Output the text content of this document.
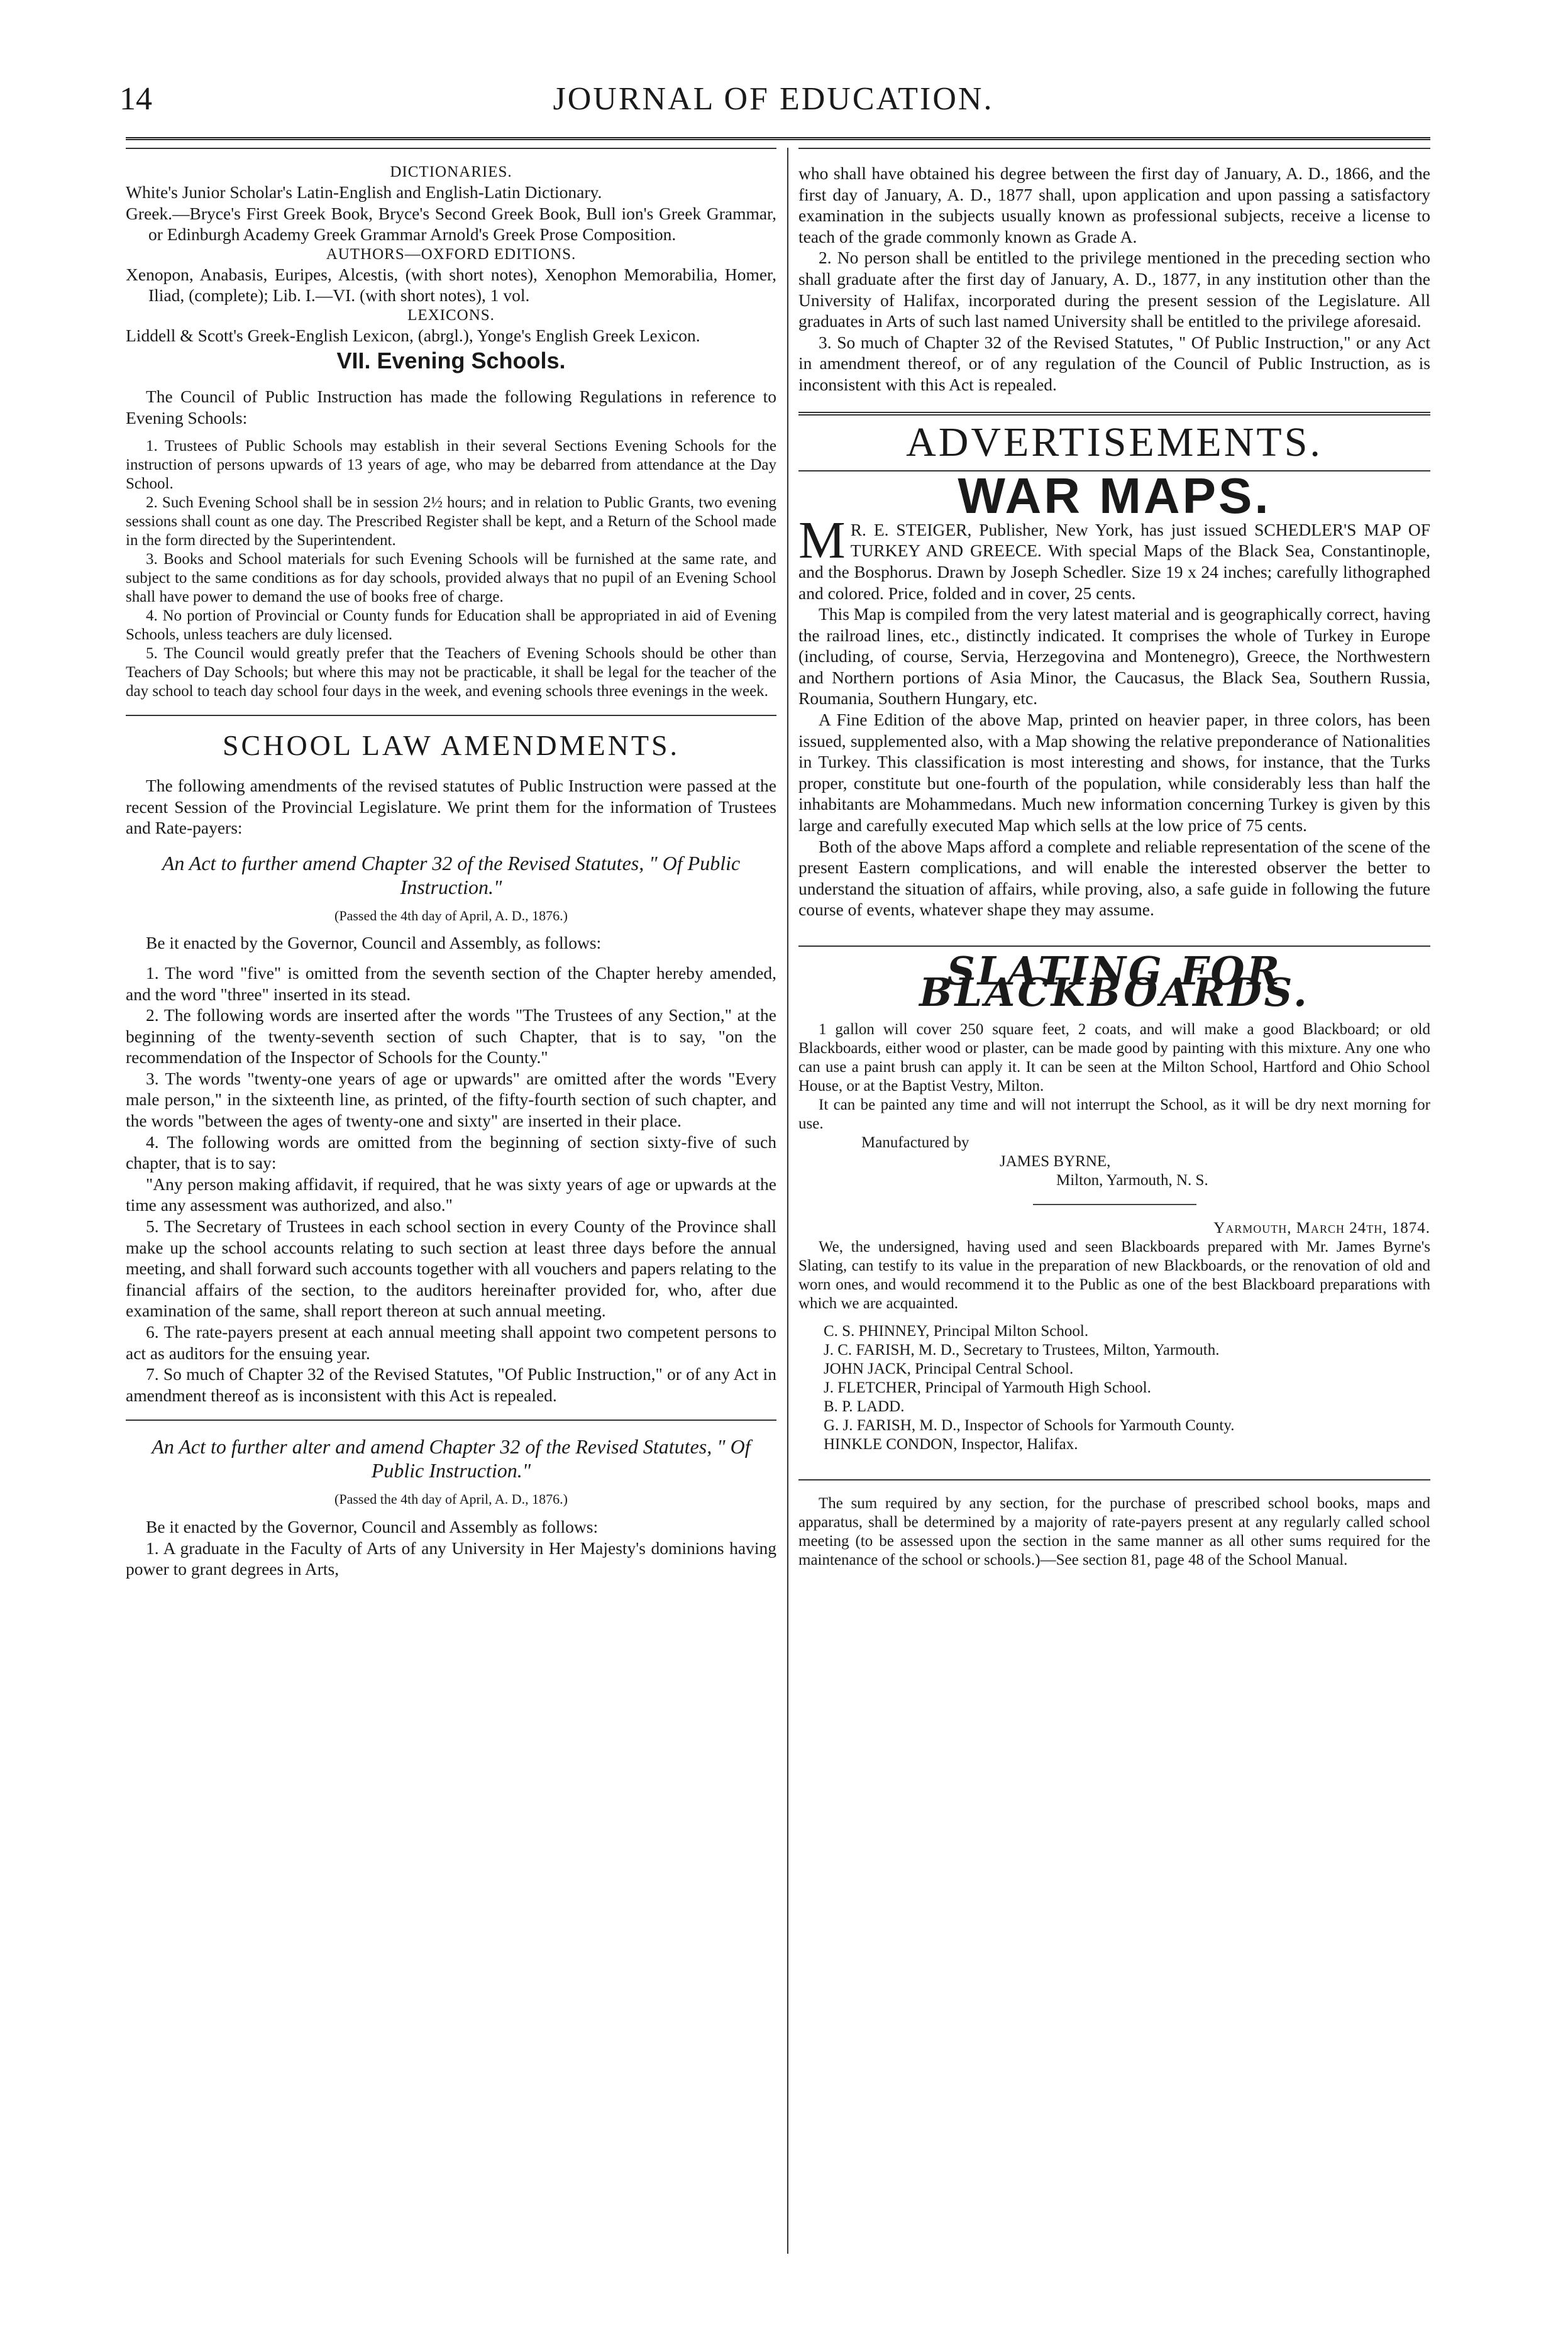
14	JOURNAL OF EDUCATION.

DICTIONARIES.

White's Junior Scholar's Latin-English and English-Latin Dictionary.

Greek.—Bryce's First Greek Book, Bryce's Second Greek Book, Bull ion's Greek Grammar, or Edinburgh Academy Greek Grammar Arnold's Greek Prose Composition.

AUTHORS—OXFORD EDITIONS.

Xenopon, Anabasis, Euripes, Alcestis, (with short notes), Xenophon Memorabilia, Homer, Iliad, (complete); Lib. I.—VI. (with short notes), 1 vol.

LEXICONS.

Liddell & Scott's Greek-English Lexicon, (abrgl.), Yonge's English Greek Lexicon.

VII. Evening Schools.

The Council of Public Instruction has made the following Regulations in reference to Evening Schools:

1. Trustees of Public Schools may establish in their several Sections Evening Schools for the instruction of persons upwards of 13 years of age, who may be debarred from attendance at the Day School.

2. Such Evening School shall be in session 2½ hours; and in relation to Public Grants, two evening sessions shall count as one day. The Prescribed Register shall be kept, and a Return of the School made in the form directed by the Superintendent.

3. Books and School materials for such Evening Schools will be furnished at the same rate, and subject to the same conditions as for day schools, provided always that no pupil of an Evening School shall have power to demand the use of books free of charge.

4. No portion of Provincial or County funds for Education shall be appropriated in aid of Evening Schools, unless teachers are duly licensed.

5. The Council would greatly prefer that the Teachers of Evening Schools should be other than Teachers of Day Schools; but where this may not be practicable, it shall be legal for the teacher of the day school to teach day school four days in the week, and evening schools three evenings in the week.

SCHOOL LAW AMENDMENTS.

The following amendments of the revised statutes of Public Instruction were passed at the recent Session of the Provincial Legislature. We print them for the information of Trustees and Rate-payers:

An Act to further amend Chapter 32 of the Revised Statutes, " Of Public Instruction."
(Passed the 4th day of April, A. D., 1876.)

Be it enacted by the Governor, Council and Assembly, as follows:

1. The word "five" is omitted from the seventh section of the Chapter hereby amended, and the word "three" inserted in its stead.

2. The following words are inserted after the words "The Trustees of any Section," at the beginning of the twenty-seventh section of such Chapter, that is to say, "on the recommendation of the Inspector of Schools for the County."

3. The words "twenty-one years of age or upwards" are omitted after the words "Every male person," in the sixteenth line, as printed, of the fifty-fourth section of such chapter, and the words "between the ages of twenty-one and sixty" are inserted in their place.

4. The following words are omitted from the beginning of section sixty-five of such chapter, that is to say:

"Any person making affidavit, if required, that he was sixty years of age or upwards at the time any assessment was authorized, and also."

5. The Secretary of Trustees in each school section in every County of the Province shall make up the school accounts relating to such section at least three days before the annual meeting, and shall forward such accounts together with all vouchers and papers relating to the financial affairs of the section, to the auditors hereinafter provided for, who, after due examination of the same, shall report thereon at such annual meeting.

6. The rate-payers present at each annual meeting shall appoint two competent persons to act as auditors for the ensuing year.

7. So much of Chapter 32 of the Revised Statutes, "Of Public Instruction," or of any Act in amendment thereof as is inconsistent with this Act is repealed.

An Act to further alter and amend Chapter 32 of the Revised Statutes, " Of Public Instruction."
(Passed the 4th day of April, A. D., 1876.)

Be it enacted by the Governor, Council and Assembly as follows:

1. A graduate in the Faculty of Arts of any University in Her Majesty's dominions having power to grant degrees in Arts,

who shall have obtained his degree between the first day of January, A. D., 1866, and the first day of January, A. D., 1877 shall, upon application and upon passing a satisfactory examination in the subjects usually known as professional subjects, receive a license to teach of the grade commonly known as Grade A.

2. No person shall be entitled to the privilege mentioned in the preceding section who shall graduate after the first day of January, A. D., 1877, in any institution other than the University of Halifax, incorporated during the present session of the Legislature. All graduates in Arts of such last named University shall be entitled to the privilege aforesaid.

3. So much of Chapter 32 of the Revised Statutes, " Of Public Instruction," or any Act in amendment thereof, or of any regulation of the Council of Public Instruction, as is inconsistent with this Act is repealed.

ADVERTISEMENTS.
WAR MAPS.

M R. E. STEIGER, Publisher, New York, has just issued SCHEDLER'S MAP OF TURKEY AND GREECE. With special Maps of the Black Sea, Constantinople, and the Bosphorus. Drawn by Joseph Schedler. Size 19 x 24 inches; carefully lithographed and colored. Price, folded and in cover, 25 cents.

This Map is compiled from the very latest material and is geographically correct, having the railroad lines, etc., distinctly indicated. It comprises the whole of Turkey in Europe (including, of course, Servia, Herzegovina and Montenegro), Greece, the Northwestern and Northern portions of Asia Minor, the Caucasus, the Black Sea, Southern Russia, Roumania, Southern Hungary, etc.

A Fine Edition of the above Map, printed on heavier paper, in three colors, has been issued, supplemented also, with a Map showing the relative preponderance of Nationalities in Turkey. This classification is most interesting and shows, for instance, that the Turks proper, constitute but one-fourth of the population, while considerably less than half the inhabitants are Mohammedans. Much new information concerning Turkey is given by this large and carefully executed Map which sells at the low price of 75 cents.

Both of the above Maps afford a complete and reliable representation of the scene of the present Eastern complications, and will enable the interested observer the better to understand the situation of affairs, while proving, also, a safe guide in following the future course of events, whatever shape they may assume.

SLATING FOR BLACKBOARDS.

1 gallon will cover 250 square feet, 2 coats, and will make a good Blackboard; or old Blackboards, either wood or plaster, can be made good by painting with this mixture. Any one who can use a paint brush can apply it. It can be seen at the Milton School, Hartford and Ohio School House, or at the Baptist Vestry, Milton.

It can be painted any time and will not interrupt the School, as it will be dry next morning for use.

Manufactured by

JAMES BYRNE,

Milton, Yarmouth, N. S.

Yarmouth, March 24th, 1874.

We, the undersigned, having used and seen Blackboards prepared with Mr. James Byrne's Slating, can testify to its value in the preparation of new Blackboards, or the renovation of old and worn ones, and would recommend it to the Public as one of the best Blackboard preparations with which we are acquainted.

C. S. PHINNEY, Principal Milton School.

J. C. FARISH, M. D., Secretary to Trustees, Milton, Yarmouth.

JOHN JACK, Principal Central School.

J. FLETCHER, Principal of Yarmouth High School.

B. P. LADD.

G. J. FARISH, M. D., Inspector of Schools for Yarmouth County.

HINKLE CONDON, Inspector, Halifax.

The sum required by any section, for the purchase of prescribed school books, maps and apparatus, shall be determined by a majority of rate-payers present at any regularly called school meeting (to be assessed upon the section in the same manner as all other sums required for the maintenance of the school or schools.)—See section 81, page 48 of the School Manual.
